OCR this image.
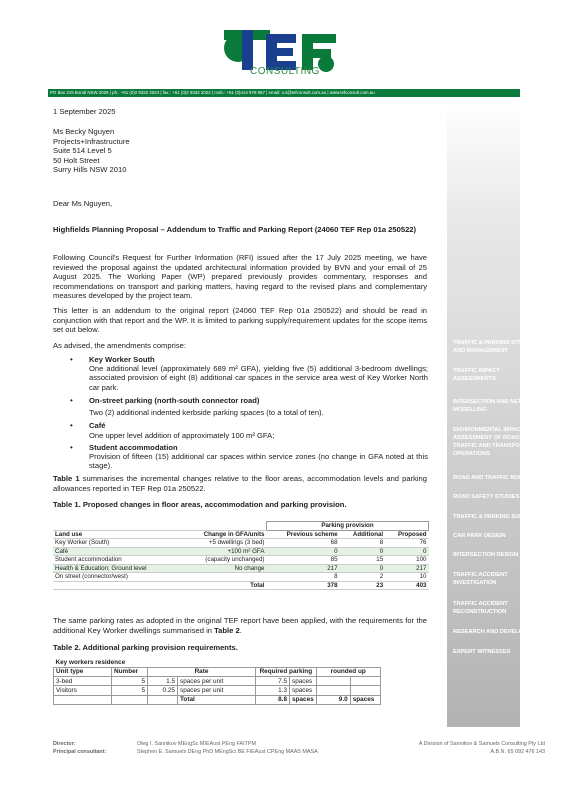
CONSULTING
PO Box 215 Bondi NSW 2026 | ph.: +61 (0)2 9332 2024 | fax.: +61 (0)2 9332 2022 | mob.: +61 (0)414 978 067 | email: o.s@tefconsult.com.au | www.tefconsult.com.au
TRAFFIC & PARKING STUDIES AND MANAGEMENT
TRAFFIC IMPACT ASSESSMENTS
INTERSECTION AND NETWORK MODELLING
ENVIRONMENTAL IMPACT ASSESSMENT OF ROADS, TRAFFIC AND TRANSPORT OPERATIONS
ROAD AND TRAFFIC NOISE
ROAD SAFETY STUDIES
TRAFFIC & PARKING SURVEYS
CAR PARK DESIGN
INTERSECTION DESIGN
TRAFFIC ACCIDENT INVESTIGATION
TRAFFIC ACCIDENT RECONSTRUCTION
RESEARCH AND DEVELOPMENT
EXPERT WITNESSES
1 September 2025
Ms Becky Nguyen
Projects+Infrastructure
Suite 514 Level 5
50 Holt Street
Surry Hills NSW 2010
Dear Ms Nguyen,
Highfields Planning Proposal – Addendum to Traffic and Parking Report (24060 TEF Rep 01a 250522)
Following Council's Request for Further Information (RFI) issued after the 17 July 2025 meeting, we have reviewed the proposal against the updated architectural information provided by BVN and your email of 25 August 2025. The Working Paper (WP) prepared previously provides commentary, responses and recommendations on transport and parking matters, having regard to the revised plans and complementary measures developed by the project team.
This letter is an addendum to the original report (24060 TEF Rep 01a 250522) and should be read in conjunction with that report and the WP. It is limited to parking supply/requirement updates for the scope items set out below.
As advised, the amendments comprise:
• Key Worker South
One additional level (approximately 689 m² GFA), yielding five (5) additional 3-bedroom dwellings; associated provision of eight (8) additional car spaces in the service area west of Key Worker North car park.
• On-street parking (north-south connector road)
Two (2) additional indented kerbside parking spaces (to a total of ten).
• Café
One upper level addition of approximately 100 m² GFA;
• Student accommodation
Provision of fifteen (15) additional car spaces within service zones (no change in GFA noted at this stage).
Table 1 summarises the incremental changes relative to the floor areas, accommodation levels and parking allowances reported in TEF Rep 01a 250522.
Table 1. Proposed changes in floor areas, accommodation and parking provision.
		Parking provision		
Land use	Change in GFA/units	Previous scheme	Additional	Proposed
Key Worker (South)	+5 dwellings (3 bed)	68	8	76
Café	+100 m² GFA	0	0	0
Student accommodation	(capacity unchanged)	85	15	100
Health & Education; Ground level	No change	217	0	217
On street (connector/west)		8	2	10
	Total	378	23	403
The same parking rates as adopted in the original TEF report have been applied, with the requirements for the additional Key Worker dwellings summarised in Table 2.
Table 2. Additional parking provision requirements.
Key workers residence							
Unit type	Number	Rate		Required parking		rounded up	
3-bed	5	1.5	spaces per unit	7.5	spaces		
Visitors	5	0.25	spaces per unit	1.3	spaces		
			Total	8.8	spaces	9.0	spaces
Director:
Principal consultant:
Oleg I. Sannikov MEngSc MIEAust PEng FAITPM
Stephen E. Samuels DEng PhD MEngSci BE FIEAust CPEng MAAS MASA
A Division of Sannikov & Samuels Consulting Pty Ltd
A.B.N. 65 092 476 143
